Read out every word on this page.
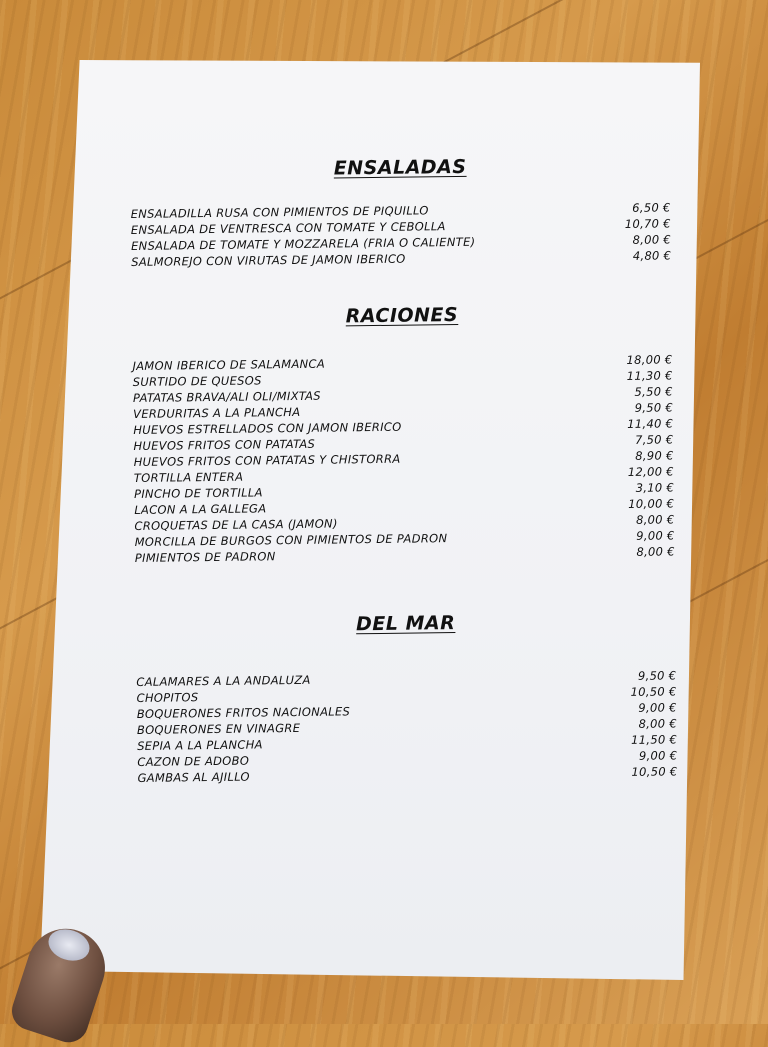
ENSALADAS
ENSALADILLA RUSA CON PIMIENTOS DE PIQUILLO	6,50 €
ENSALADA DE VENTRESCA CON TOMATE Y CEBOLLA	10,70 €
ENSALADA DE TOMATE Y MOZZARELA (FRIA O CALIENTE)	8,00 €
SALMOREJO CON VIRUTAS DE JAMON IBERICO	4,80 €
RACIONES
JAMON IBERICO DE SALAMANCA	18,00 €
SURTIDO DE QUESOS	11,30 €
PATATAS BRAVA/ALI OLI/MIXTAS	5,50 €
VERDURITAS A LA PLANCHA	9,50 €
HUEVOS ESTRELLADOS CON JAMON IBERICO	11,40 €
HUEVOS FRITOS CON PATATAS	7,50 €
HUEVOS FRITOS CON PATATAS Y CHISTORRA	8,90 €
TORTILLA ENTERA	12,00 €
PINCHO DE TORTILLA	3,10 €
LACON A LA GALLEGA	10,00 €
CROQUETAS DE LA CASA (JAMON)	8,00 €
MORCILLA DE BURGOS CON PIMIENTOS DE PADRON	9,00 €
PIMIENTOS DE PADRON	8,00 €
DEL MAR
CALAMARES A LA ANDALUZA	9,50 €
CHOPITOS	10,50 €
BOQUERONES FRITOS NACIONALES	9,00 €
BOQUERONES EN VINAGRE	8,00 €
SEPIA A LA PLANCHA	11,50 €
CAZON DE ADOBO	9,00 €
GAMBAS AL AJILLO	10,50 €
